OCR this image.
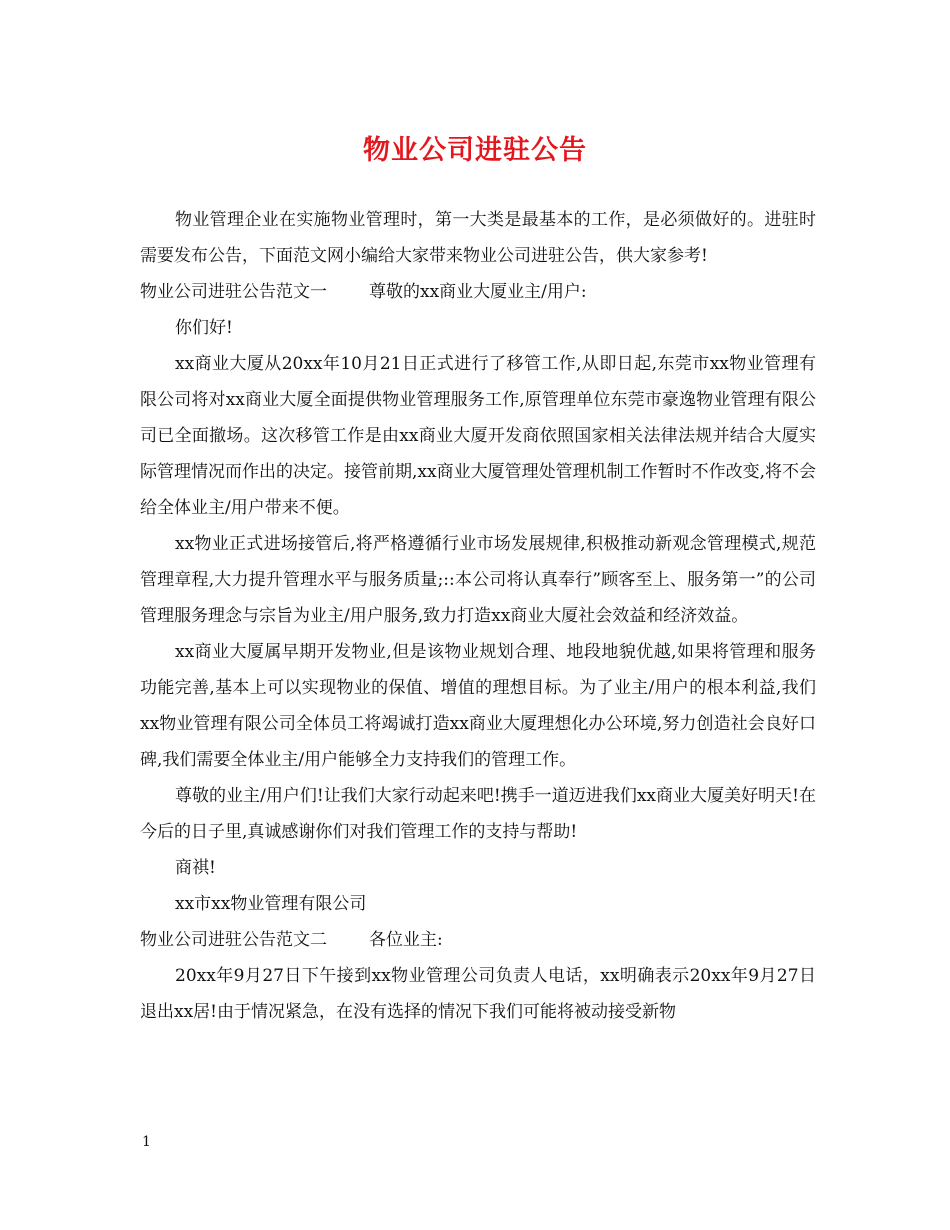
物业公司进驻公告

物业管理企业在实施物业管理时，第一大类是最基本的工作，是必须做好的。进驻时需要发布公告，下面范文网小编给大家带来物业公司进驻公告，供大家参考!

物业公司进驻公告范文一 尊敬的xx商业大厦业主/用户:

你们好!

xx商业大厦从20xx年10月21日正式进行了移管工作,从即日起,东莞市xx物业管理有限公司将对xx商业大厦全面提供物业管理服务工作,原管理单位东莞市豪逸物业管理有限公司已全面撤场。这次移管工作是由xx商业大厦开发商依照国家相关法律法规并结合大厦实际管理情况而作出的决定。接管前期,xx商业大厦管理处管理机制工作暂时不作改变,将不会给全体业主/用户带来不便。

xx物业正式进场接管后,将严格遵循行业市场发展规律,积极推动新观念管理模式,规范管理章程,大力提升管理水平与服务质量;::本公司将认真奉行”顾客至上、服务第一”的公司管理服务理念与宗旨为业主/用户服务,致力打造xx商业大厦社会效益和经济效益。

xx商业大厦属早期开发物业,但是该物业规划合理、地段地貌优越,如果将管理和服务功能完善,基本上可以实现物业的保值、增值的理想目标。为了业主/用户的根本利益,我们xx物业管理有限公司全体员工将竭诚打造xx商业大厦理想化办公环境,努力创造社会良好口碑,我们需要全体业主/用户能够全力支持我们的管理工作。

尊敬的业主/用户们!让我们大家行动起来吧!携手一道迈进我们xx商业大厦美好明天!在今后的日子里,真诚感谢你们对我们管理工作的支持与帮助!

商祺!

xx市xx物业管理有限公司

物业公司进驻公告范文二 各位业主:

20xx年9月27日下午接到xx物业管理公司负责人电话，xx明确表示20xx年9月27日退出xx居!由于情况紧急，在没有选择的情况下我们可能将被动接受新物

1
